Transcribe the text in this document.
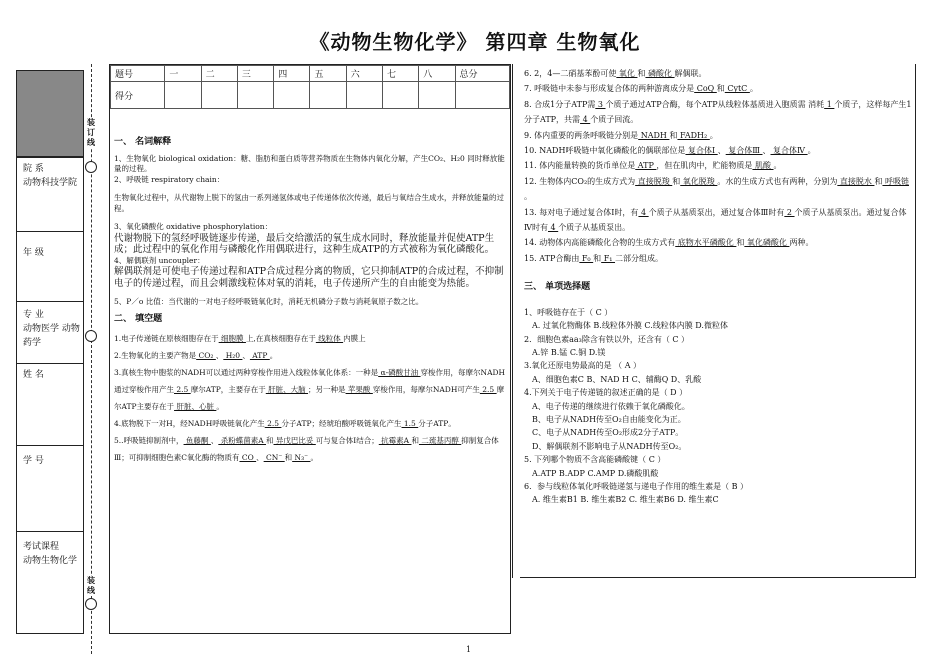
《动物生物化学》 第四章 生物氧化
院 系
动物科技学院
年 级
专 业
动物医学 动物药学
姓 名
学 号
考试课程
动物生物化学
装 订 线
装 线
题号	一	二	三	四	五	六	七	八	总分
得分									
一、 名词解释
1、生物氧化 biological oxidation：糖、脂肪和蛋白质等营养物质在生物体内氧化分解，产生CO₂、H₂0 同时释放能量的过程。
2、呼吸链 respiratory chain：
生物氧化过程中，从代谢物上脱下的氢由一系列递氢体或电子传递体依次传递，最后与氧结合生成水，并释放能量的过程。
3、氧化磷酸化 oxidative phosphorylation：
代谢物脱下的氢经呼吸链逐步传递，最后交给激活的氧生成水同时，释放能量并促使ATP生成；此过程中的氧化作用与磷酸化作用偶联进行，这种生成ATP的方式被称为氧化磷酸化。
4、解偶联剂 uncoupler：
解偶联剂是可使电子传递过程和ATP合成过程分离的物质，它只抑制ATP的合成过程，不抑制电子的传递过程，而且会刺激线粒体对氧的消耗，电子传递所产生的自由能变为热能。
5、P／o 比值：当代谢的一对电子经呼吸链氧化时，消耗无机磷分子数与消耗氧原子数之比。
二、 填空题
1.电子传递链在原核细胞存在于 细胞膜 上,在真核细胞存在于 线粒体 内膜上
2.生物氧化的主要产物是 CO₂ 、 H₂0 、 ATP 。
3.真核生物中胞浆的NADH可以通过两种穿梭作用进入线粒体氧化体系：一种是 α-磷酸甘油 穿梭作用，每摩尔NADH通过穿梭作用产生 2.5 摩尔ATP，主要存在于 肝脏、大脑 ；另一种是 苹果酸 穿梭作用，每摩尔NADH可产生 2.5 摩尔ATP主要存在于 肝脏、心脏 。
4.底物脱下一对H，经NADH呼吸链氧化产生 2.5 分子ATP；经琥珀酸呼吸链氧化产生 1.5 分子ATP。
5..呼吸链抑制剂中， 鱼藤酮 、 杀粉蝶菌素A 和 异戊巴比妥 可与复合体Ⅰ结合； 抗霉素A 和 二巯基丙醇 抑制复合体Ⅲ；可抑制细胞色素C氧化酶的物质有 CO 、 CN⁻ 和 N₃⁻ 。
6. 2，4—二硝基苯酚可使 氧化 和 磷酸化 解偶联。
7. 呼吸链中未参与形成复合体的两种游离成分是 CoQ 和 CytC 。
8. 合成1分子ATP需 3 个质子通过ATP合酶，每个ATP从线粒体基质进入胞质需 消耗 1 个质子，这样每产生1分子ATP，共需 4 个质子回流。
9. 体内重要的两条呼吸链分别是 NADH 和 FADH₂ 。
10. NADH呼吸链中氧化磷酸化的偶联部位是 复合体Ⅰ 、 复合体Ⅲ 、 复合体Ⅳ 。
11. 体内能量转换的货币单位是 ATP ，但在肌肉中，贮能物质是 肌酸 。
12. 生物体内CO₂的生成方式为 直接脱羧 和 氧化脱羧 。水的生成方式也有两种，分别为 直接脱水 和 呼吸链 。
13. 每对电子通过复合体Ⅰ时，有 4 个质子从基质泵出，通过复合体Ⅲ时有 2 个质子从基质泵出。通过复合体Ⅳ时有 4 个质子从基质泵出。
14. 动物体内高能磷酸化合物的生成方式有 底物水平磷酸化 和 氧化磷酸化 两种。
15. ATP合酶由 F₀ 和 F₁ 二部分组成。
三、 单项选择题
1、呼吸链存在于（ C ）
A. 过氧化物酶体 B.线粒体外膜 C.线粒体内膜 D.微粒体
2．细胞色素aa₃除含有铁以外，还含有（ C ）
A.锌 B.锰 C.铜 D.镁
3.氧化还原电势最高的是 （ A ）
A、细胞色素C B、NAD H C、辅酶Q D、乳酸
4.下列关于电子传递链的叙述正确的是（ D ）
A、电子传递的继续进行依赖于氧化磷酸化。
B、电子从NADH传至O₂自由能变化为正。
C、电子从NADH传至O₂形成2分子ATP。
D、解偶联剂不影响电子从NADH传至O₂。
5. 下列哪个物质不含高能磷酸键（ C ）
A.ATP B.ADP C.AMP D.磷酸肌酸
6．参与线粒体氧化呼吸链递氢与递电子作用的维生素是（ B ）
A. 维生素B1 B. 维生素B2 C. 维生素B6 D. 维生素C
1
